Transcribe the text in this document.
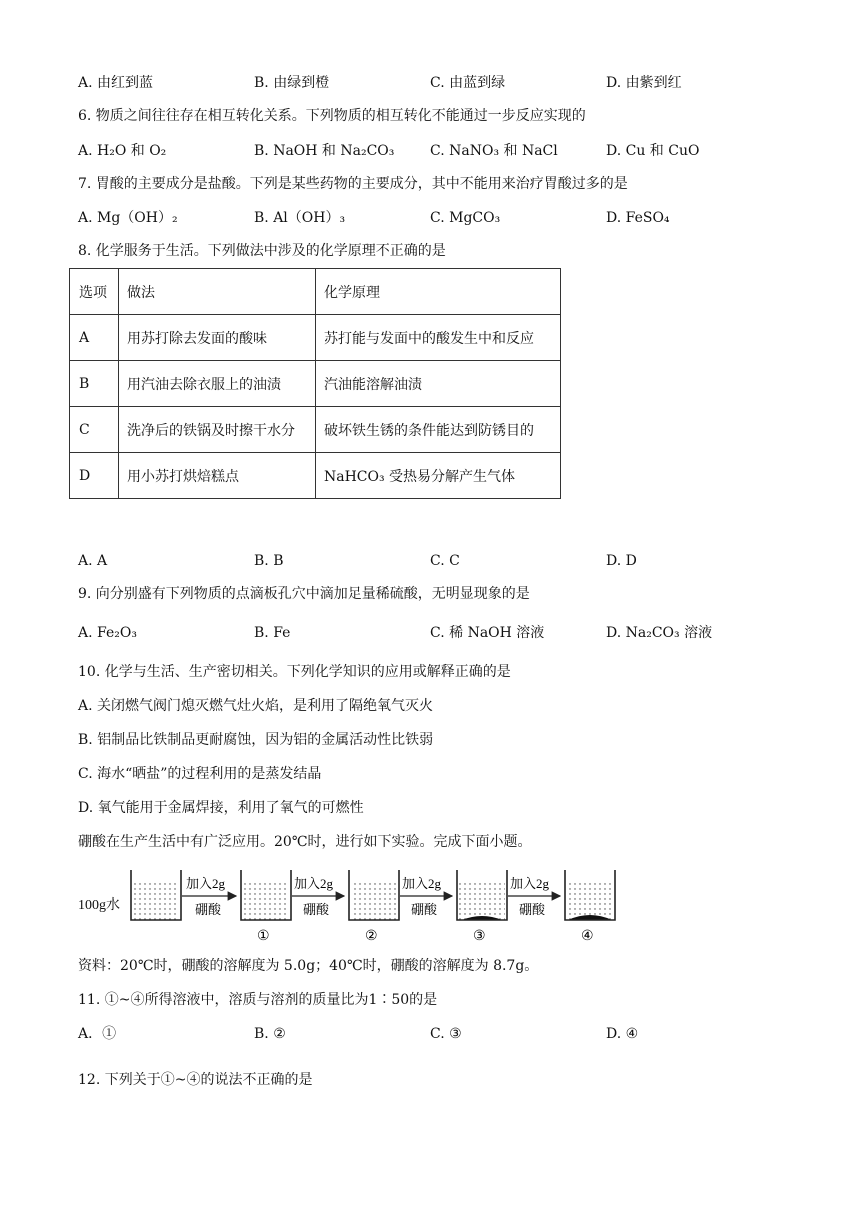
A. 由红到蓝	B. 由绿到橙	C. 由蓝到绿	D. 由紫到红
6. 物质之间往往存在相互转化关系。下列物质的相互转化不能通过一步反应实现的
A. H₂O 和 O₂	B. NaOH 和 Na₂CO₃	C. NaNO₃ 和 NaCl	D. Cu 和 CuO
7. 胃酸的主要成分是盐酸。下列是某些药物的主要成分，其中不能用来治疗胃酸过多的是
A. Mg（OH）₂	B. Al（OH）₃	C. MgCO₃	D. FeSO₄
8. 化学服务于生活。下列做法中涉及的化学原理不正确的是
选项	做法	化学原理
A	用苏打除去发面的酸味	苏打能与发面中的酸发生中和反应
B	用汽油去除衣服上的油渍	汽油能溶解油渍
C	洗净后的铁锅及时擦干水分	破坏铁生锈的条件能达到防锈目的
D	用小苏打烘焙糕点	NaHCO₃ 受热易分解产生气体
A. A	B. B	C. C	D. D
9. 向分别盛有下列物质的点滴板孔穴中滴加足量稀硫酸，无明显现象的是
A. Fe₂O₃	B. Fe	C. 稀 NaOH 溶液	D. Na₂CO₃ 溶液
10. 化学与生活、生产密切相关。下列化学知识的应用或解释正确的是
A. 关闭燃气阀门熄灭燃气灶火焰，是利用了隔绝氧气灭火
B. 铝制品比铁制品更耐腐蚀，因为铝的金属活动性比铁弱
C. 海水“晒盐”的过程利用的是蒸发结晶
D. 氧气能用于金属焊接，利用了氧气的可燃性
硼酸在生产生活中有广泛应用。20℃时，进行如下实验。完成下面小题。
100g水
加入2g
硼酸
①
加入2g
硼酸
②
加入2g
硼酸
③
加入2g
硼酸
④
资料：20℃时，硼酸的溶解度为 5.0g；40℃时，硼酸的溶解度为 8.7g。
11. ①~④所得溶液中，溶质与溶剂的质量比为1∶50的是
A．①	B. ②	C. ③	D. ④
12. 下列关于①~④的说法不正确的是
